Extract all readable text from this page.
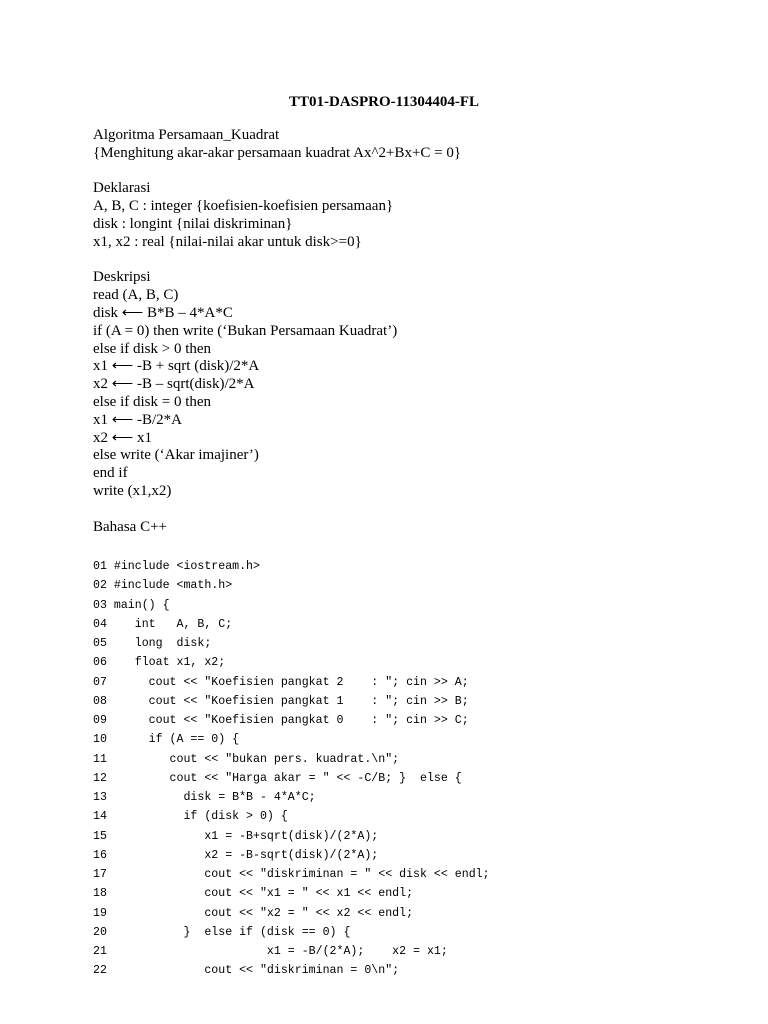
TT01-DASPRO-11304404-FL
Algoritma Persamaan_Kuadrat
{Menghitung akar-akar persamaan kuadrat Ax^2+Bx+C = 0}
Deklarasi
A, B, C : integer {koefisien-koefisien persamaan}
disk : longint {nilai diskriminan}
x1, x2 : real {nilai-nilai akar untuk disk>=0}
Deskripsi
read (A, B, C)
disk ⟵ B*B – 4*A*C
if (A = 0) then write (‘Bukan Persamaan Kuadrat’)
else if disk > 0 then
x1 ⟵ -B + sqrt (disk)/2*A
x2 ⟵ -B – sqrt(disk)/2*A
else if disk = 0 then
x1 ⟵ -B/2*A
x2 ⟵ x1
else write (‘Akar imajiner’)
end if
write (x1,x2)
Bahasa C++
01 #include <iostream.h>
02 #include <math.h>
03 main() {
04    int   A, B, C;
05    long  disk;
06    float x1, x2;
07      cout << "Koefisien pangkat 2    : "; cin >> A;
08      cout << "Koefisien pangkat 1    : "; cin >> B;
09      cout << "Koefisien pangkat 0    : "; cin >> C;
10      if (A == 0) {
11         cout << "bukan pers. kuadrat.\n";
12         cout << "Harga akar = " << -C/B; }  else {
13           disk = B*B - 4*A*C;
14           if (disk > 0) {
15              x1 = -B+sqrt(disk)/(2*A);
16              x2 = -B-sqrt(disk)/(2*A);
17              cout << "diskriminan = " << disk << endl;
18              cout << "x1 = " << x1 << endl;
19              cout << "x2 = " << x2 << endl;
20           }  else if (disk == 0) {
21                       x1 = -B/(2*A);    x2 = x1;
22              cout << "diskriminan = 0\n";
